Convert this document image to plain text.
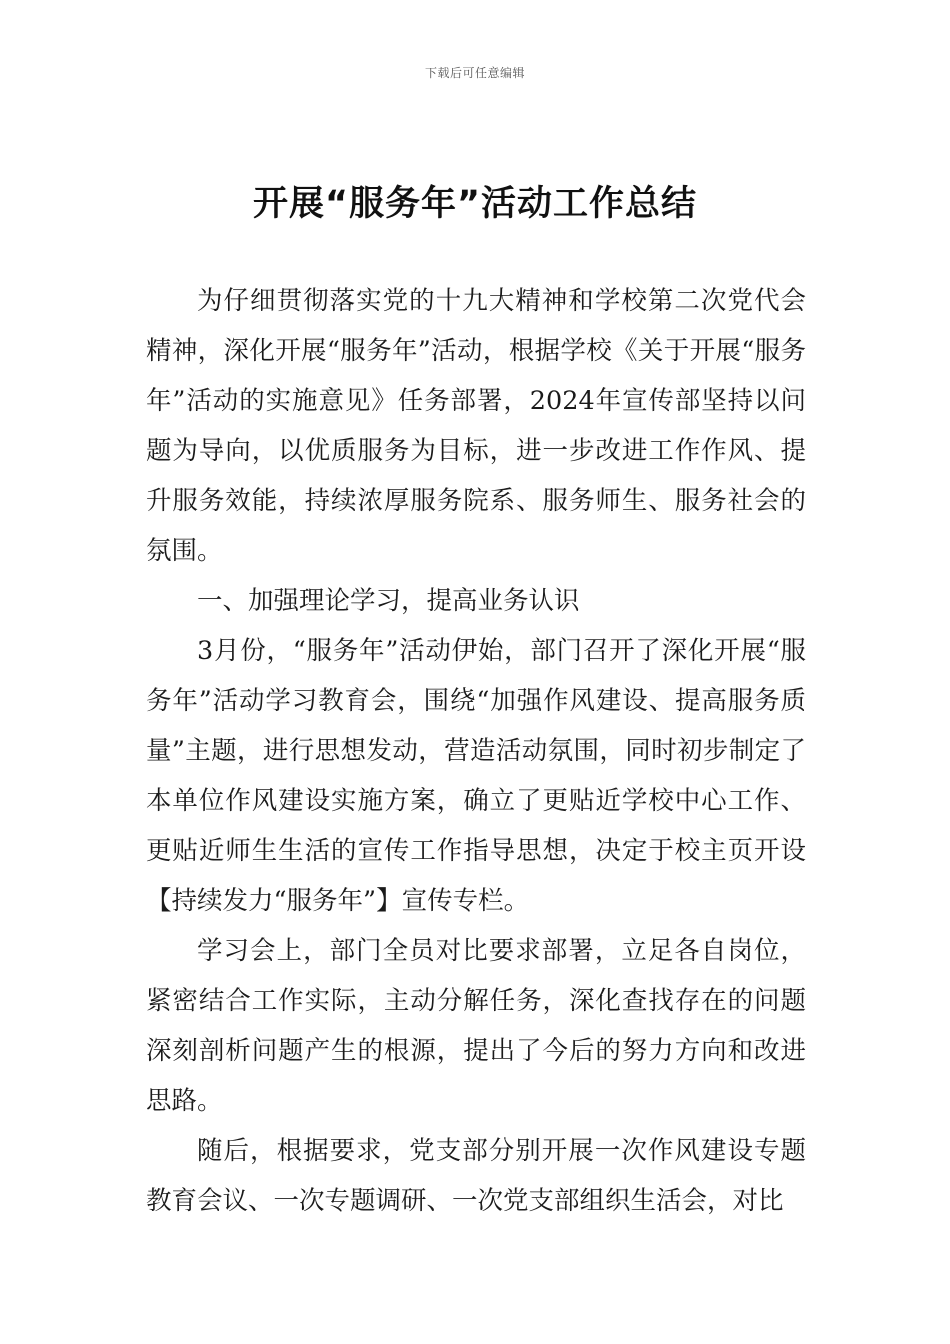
下载后可任意编辑
开展“服务年”活动工作总结

为仔细贯彻落实党的十九大精神和学校第二次党代会精神，深化开展“服务年”活动，根据学校《关于开展“服务年”活动的实施意见》任务部署，2024年宣传部坚持以问题为导向，以优质服务为目标，进一步改进工作作风、提升服务效能，持续浓厚服务院系、服务师生、服务社会的氛围。

一、加强理论学习，提高业务认识

3月份，“服务年”活动伊始，部门召开了深化开展“服务年”活动学习教育会，围绕“加强作风建设、提高服务质量”主题，进行思想发动，营造活动氛围，同时初步制定了本单位作风建设实施方案，确立了更贴近学校中心工作、更贴近师生生活的宣传工作指导思想，决定于校主页开设【持续发力“服务年”】宣传专栏。

学习会上，部门全员对比要求部署，立足各自岗位，紧密结合工作实际，主动分解任务，深化查找存在的问题深刻剖析问题产生的根源，提出了今后的努力方向和改进思路。

随后，根据要求，党支部分别开展一次作风建设专题教育会议、一次专题调研、一次党支部组织生活会，对比
